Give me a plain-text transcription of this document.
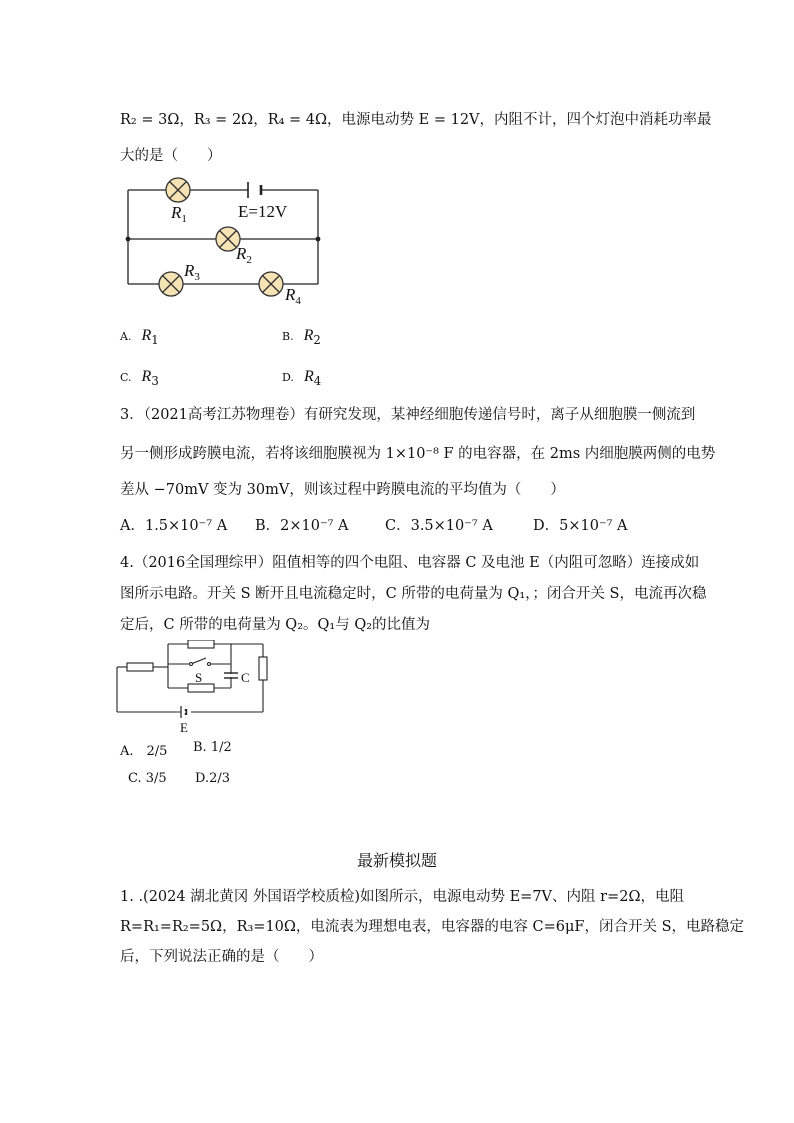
R₂ = 3Ω，R₃ = 2Ω，R₄ = 4Ω，电源电动势 E = 12V，内阻不计，四个灯泡中消耗功率最
大的是（　　）
$R_1$	E=12V
$R_2$
$R_3$
$R_4$
A. $R_1$	B. $R_2$
C. $R_3$	D. $R_4$
3．（2021高考江苏物理卷）有研究发现，某神经细胞传递信号时，离子从细胞膜一侧流到
另一侧形成跨膜电流，若将该细胞膜视为 1×10⁻⁸ F 的电容器，在 2ms 内细胞膜两侧的电势
差从 −70mV 变为 30mV，则该过程中跨膜电流的平均值为（　　）
A．1.5×10⁻⁷ A B．2×10⁻⁷ A	C．3.5×10⁻⁷ A	D．5×10⁻⁷ A
4.（2016全国理综甲）阻值相等的四个电阻、电容器 C 及电池 E（内阻可忽略）连接成如
图所示电路。开关 S 断开且电流稳定时，C 所带的电荷量为 Q₁，；闭合开关 S，电流再次稳
定后，C 所带的电荷量为 Q₂。Q₁与 Q₂的比值为
S	C
E
A.　2/5 B. 1/2
C. 3/5 D.2/3
最新模拟题
1. .(2024 湖北黄冈 外国语学校质检)如图所示，电源电动势 E=7V、内阻 r=2Ω，电阻
R=R₁=R₂=5Ω，R₃=10Ω，电流表为理想电表，电容器的电容 C=6μF，闭合开关 S，电路稳定
后，下列说法正确的是（　　）
